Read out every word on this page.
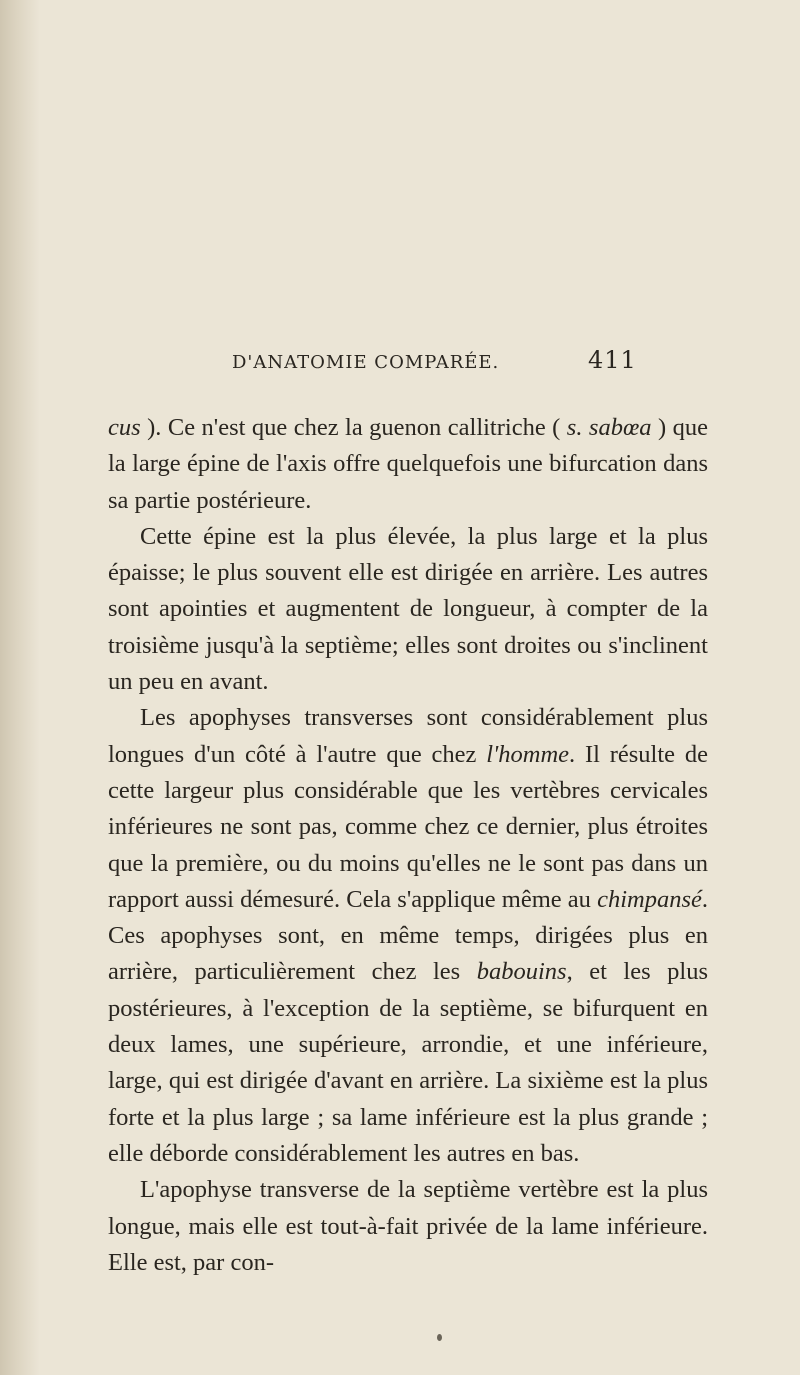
D'ANATOMIE COMPARÉE.	411

cus ). Ce n'est que chez la guenon callitriche ( s. sabœa ) que la large épine de l'axis offre quelquefois une bifurcation dans sa partie postérieure.

Cette épine est la plus élevée, la plus large et la plus épaisse; le plus souvent elle est dirigée en arrière. Les autres sont apointies et augmentent de longueur, à compter de la troisième jusqu'à la septième; elles sont droites ou s'inclinent un peu en avant.

Les apophyses transverses sont considérablement plus longues d'un côté à l'autre que chez l'homme. Il résulte de cette largeur plus considérable que les vertèbres cervicales inférieures ne sont pas, comme chez ce dernier, plus étroites que la première, ou du moins qu'elles ne le sont pas dans un rapport aussi démesuré. Cela s'applique même au chimpansé. Ces apophyses sont, en même temps, dirigées plus en arrière, particulièrement chez les babouins, et les plus postérieures, à l'exception de la septième, se bifurquent en deux lames, une supérieure, arrondie, et une inférieure, large, qui est dirigée d'avant en arrière. La sixième est la plus forte et la plus large ; sa lame inférieure est la plus grande ; elle déborde considérablement les autres en bas.

L'apophyse transverse de la septième vertèbre est la plus longue, mais elle est tout-à-fait privée de la lame inférieure. Elle est, par con-
